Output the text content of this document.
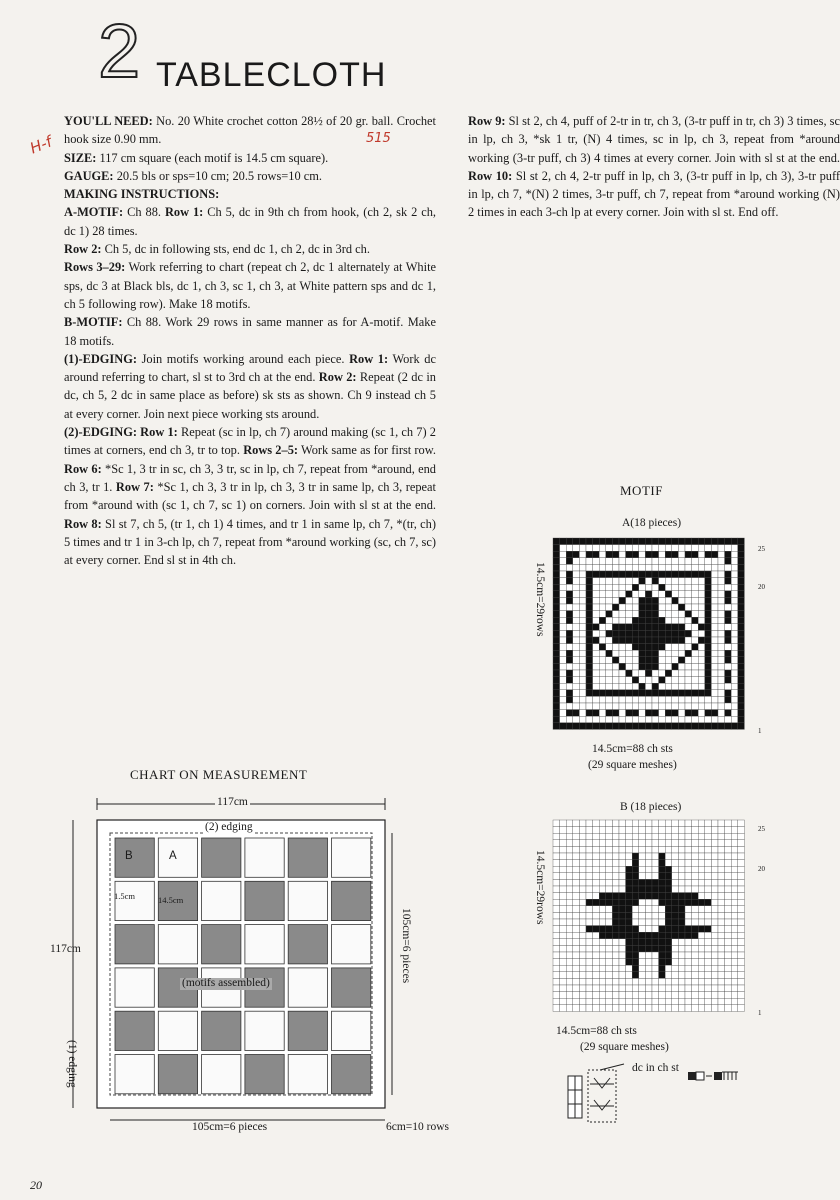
2 TABLECLOTH
H-f	515

YOU'LL NEED: No. 20 White crochet cotton 28½ of 20 gr. ball. Crochet hook size 0.90 mm.

SIZE: 117 cm square (each motif is 14.5 cm square).

GAUGE: 20.5 bls or sps=10 cm; 20.5 rows=10 cm.

MAKING INSTRUCTIONS:

A-MOTIF: Ch 88. Row 1: Ch 5, dc in 9th ch from hook, (ch 2, sk 2 ch, dc 1) 28 times.

Row 2: Ch 5, dc in following sts, end dc 1, ch 2, dc in 3rd ch.

Rows 3–29: Work referring to chart (repeat ch 2, dc 1 alternately at White sps, dc 3 at Black bls, dc 1, ch 3, sc 1, ch 3, at White pattern sps and dc 1, ch 5 following row). Make 18 motifs.

B-MOTIF: Ch 88. Work 29 rows in same manner as for A-motif. Make 18 motifs.

(1)-EDGING: Join motifs working around each piece. Row 1: Work dc around referring to chart, sl st to 3rd ch at the end. Row 2: Repeat (2 dc in dc, ch 5, 2 dc in same place as before) sk sts as shown. Ch 9 instead ch 5 at every corner. Join next piece working sts around.

(2)-EDGING: Row 1: Repeat (sc in lp, ch 7) around making (sc 1, ch 7) 2 times at corners, end ch 3, tr to top. Rows 2–5: Work same as for first row. Row 6: *Sc 1, 3 tr in sc, ch 3, 3 tr, sc in lp, ch 7, repeat from *around, end ch 3, tr 1. Row 7: *Sc 1, ch 3, 3 tr in lp, ch 3, 3 tr in same lp, ch 3, repeat from *around with (sc 1, ch 7, sc 1) on corners. Join with sl st at the end. Row 8: Sl st 7, ch 5, (tr 1, ch 1) 4 times, and tr 1 in same lp, ch 7, *(tr, ch) 5 times and tr 1 in 3-ch lp, ch 7, repeat from *around working (sc, ch 7, sc) at every corner. End sl st in 4th ch.

Row 9: Sl st 2, ch 4, puff of 2-tr in tr, ch 3, (3-tr puff in tr, ch 3) 3 times, sc in lp, ch 3, *sk 1 tr, (N) 4 times, sc in lp, ch 3, repeat from *around working (3-tr puff, ch 3) 4 times at every corner. Join with sl st at the end. Row 10: Sl st 2, ch 4, 2-tr puff in lp, ch 3, (3-tr puff in lp, ch 3), 3-tr puff in lp, ch 7, *(N) 2 times, 3-tr puff, ch 7, repeat from *around working (N) 2 times in each 3-ch lp at every corner. Join with sl st. End off.

CHART ON MEASUREMENT
117cm
(2) edging
117cm
(1) edging
B	A
1.5cm	14.5cm
(motifs assembled)	105cm=6 pieces
105cm=6 pieces	6cm=10 rows
MOTIF
A(18 pieces)
14.5cm=29rows
25
20
1
14.5cm=88 ch sts
(29 square meshes)
B (18 pieces)
14.5cm=29rows
25
20
1
14.5cm=88 ch sts
(29 square meshes)
dc in ch st
20
